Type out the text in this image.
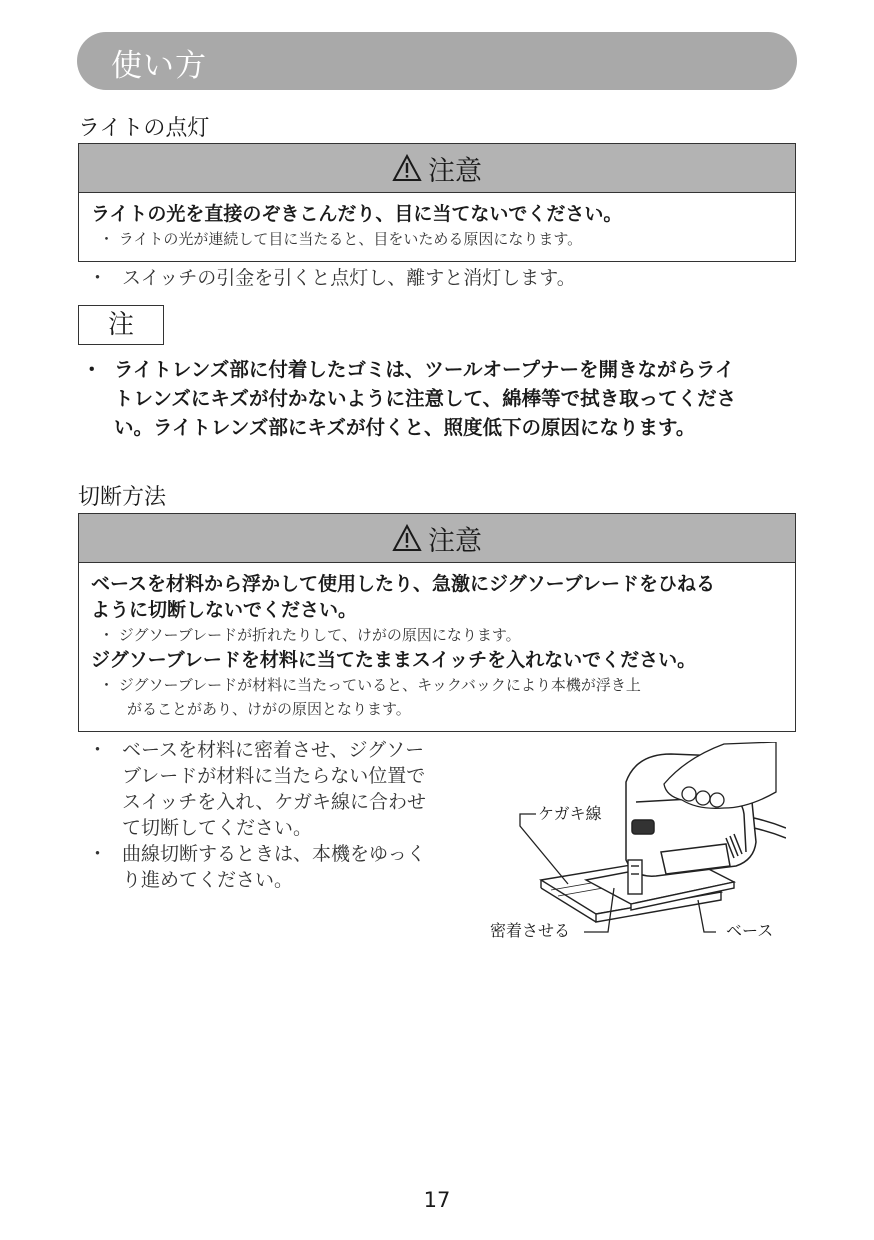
使い方
ライトの点灯
注意
ライトの光を直接のぞきこんだり、目に当てないでください。
・ ライトの光が連続して目に当たると、目をいためる原因になります。
・ スイッチの引金を引くと点灯し、離すと消灯します。
注
・ ライトレンズ部に付着したゴミは、ツールオープナーを開きながらライ
トレンズにキズが付かないように注意して、綿棒等で拭き取ってくださ
い。ライトレンズ部にキズが付くと、照度低下の原因になります。
切断方法
注意
ベースを材料から浮かして使用したり、急激にジグソーブレードをひねる
ように切断しないでください。
・ ジグソーブレードが折れたりして、けがの原因になります。
ジグソーブレードを材料に当てたままスイッチを入れないでください。
・ ジグソーブレードが材料に当たっていると、キックバックにより本機が浮き上
がることがあり、けがの原因となります。
・ ベースを材料に密着させ、ジグソー
ブレードが材料に当たらない位置で
スイッチを入れ、ケガキ線に合わせ
て切断してください。
・ 曲線切断するときは、本機をゆっく
り進めてください。
ケガキ線
密着させる	ベース
17
